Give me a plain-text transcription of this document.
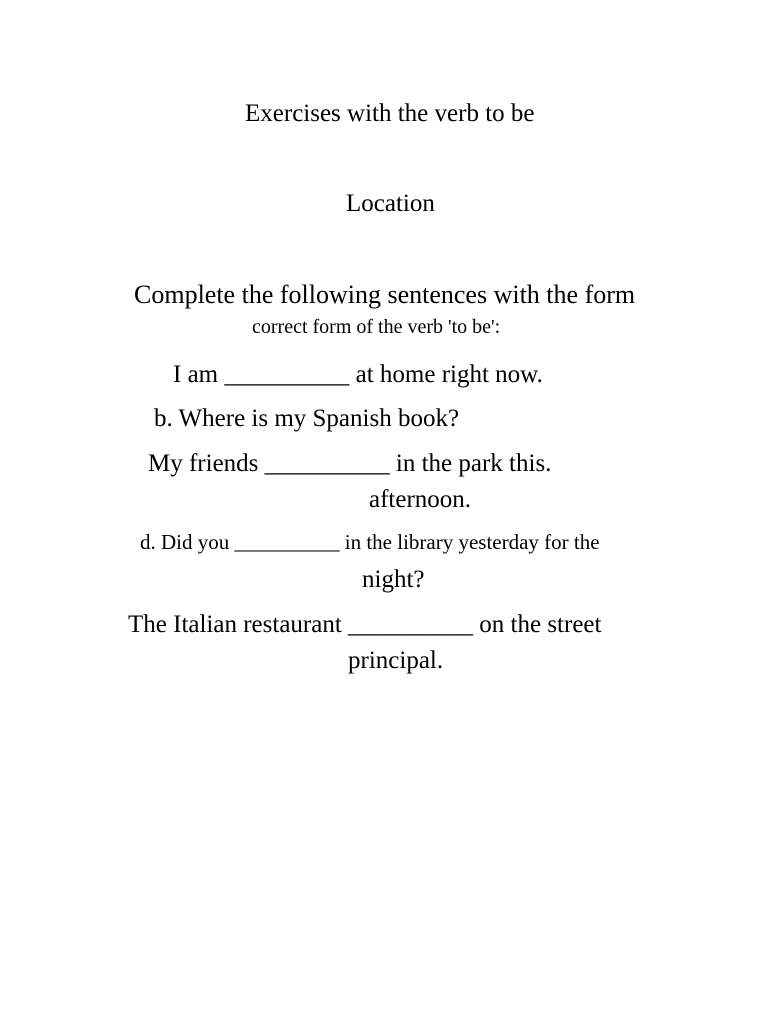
Exercises with the verb to be
Location

Complete the following sentences with the form

correct form of the verb 'to be':

I am __________ at home right now.

b. Where is my Spanish book?

My friends __________ in the park this.

afternoon.

d. Did you __________ in the library yesterday for the

night?

The Italian restaurant __________ on the street

principal.
